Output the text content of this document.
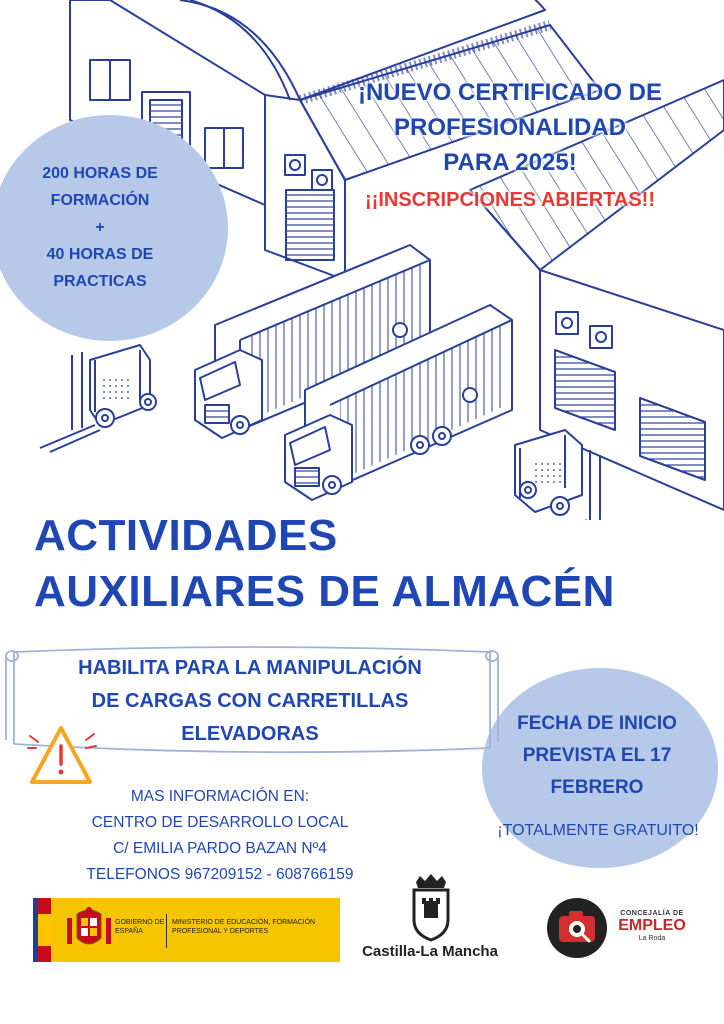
¡NUEVO CERTIFICADO DE
PROFESIONALIDAD
PARA 2025!
¡¡INSCRIPCIONES ABIERTAS!!
200 HORAS DE
FORMACIÓN
+
40 HORAS DE
PRACTICAS
ACTIVIDADES
AUXILIARES DE ALMACÉN
HABILITA PARA LA MANIPULACIÓN
DE CARGAS CON CARRETILLAS
ELEVADORAS	FECHA DE INICIO
PREVISTA EL 17
FEBRERO
¡TOTALMENTE GRATUITO!
MAS INFORMACIÓN EN:
CENTRO DE DESARROLLO LOCAL
C/ EMILIA PARDO BAZAN Nº4
TELEFONOS 967209152 - 608766159
GOBIERNO DE ESPAÑA
MINISTERIO DE EDUCACIÓN, FORMACIÓN PROFESIONAL Y DEPORTES
Castilla-La Mancha
CONCEJALÍA DE
EMPLEO
La Roda
